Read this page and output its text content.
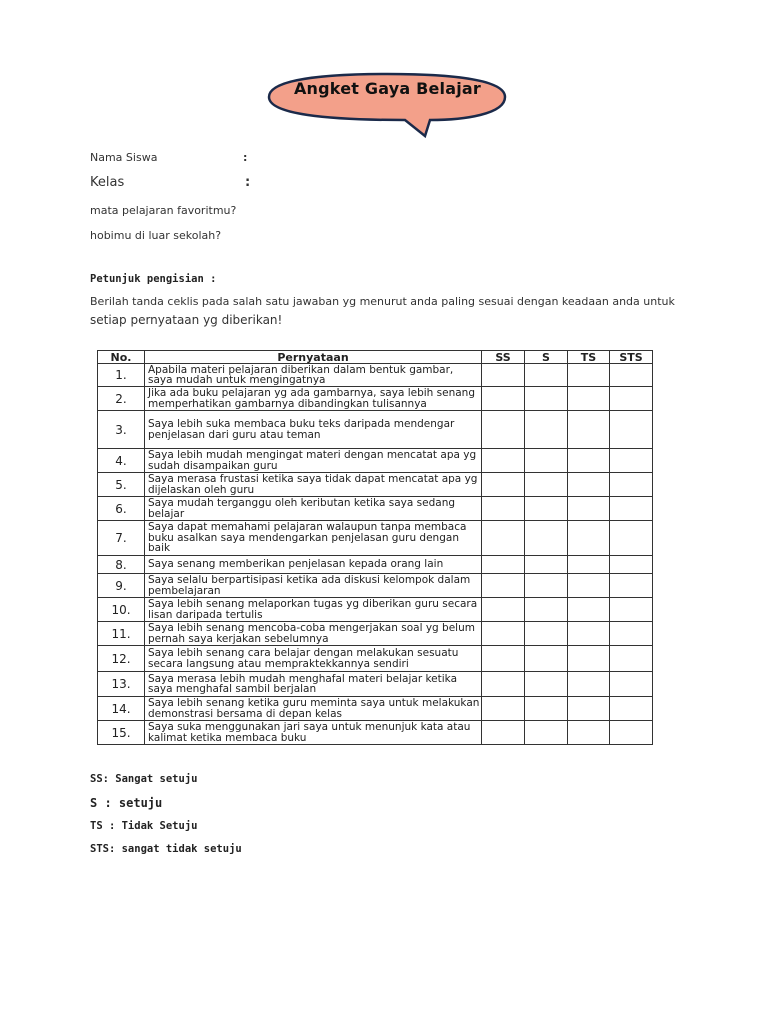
Angket Gaya Belajar
Nama Siswa	:
Kelas	:
mata pelajaran favoritmu?
hobimu di luar sekolah?
Petunjuk pengisian :
Berilah tanda ceklis pada salah satu jawaban yg menurut anda paling sesuai dengan keadaan anda untuk
setiap pernyataan yg diberikan!
No.	Pernyataan	SS	S	TS	STS
1.	Apabila materi pelajaran diberikan dalam bentuk gambar, saya mudah untuk mengingatnya				
2.	Jika ada buku pelajaran yg ada gambarnya, saya lebih senang memperhatikan gambarnya dibandingkan tulisannya				
3.	Saya lebih suka membaca buku teks daripada mendengar penjelasan dari guru atau teman				
4.	Saya lebih mudah mengingat materi dengan mencatat apa yg sudah disampaikan guru				
5.	Saya merasa frustasi ketika saya tidak dapat mencatat apa yg dijelaskan oleh guru				
6.	Saya mudah terganggu oleh keributan ketika saya sedang belajar				
7.	Saya dapat memahami pelajaran walaupun tanpa membaca buku asalkan saya mendengarkan penjelasan guru dengan baik				
8.	Saya senang memberikan penjelasan kepada orang lain				
9.	Saya selalu berpartisipasi ketika ada diskusi kelompok dalam pembelajaran				
10.	Saya lebih senang melaporkan tugas yg diberikan guru secara lisan daripada tertulis				
11.	Saya lebih senang mencoba-coba mengerjakan soal yg belum pernah saya kerjakan sebelumnya				
12.	Saya lebih senang cara belajar dengan melakukan sesuatu secara langsung atau mempraktekkannya sendiri				
13.	Saya merasa lebih mudah menghafal materi belajar ketika saya menghafal sambil berjalan				
14.	Saya lebih senang ketika guru meminta saya untuk melakukan demonstrasi bersama di depan kelas				
15.	Saya suka menggunakan jari saya untuk menunjuk kata atau kalimat ketika membaca buku				
SS: Sangat setuju
S : setuju
TS : Tidak Setuju
STS: sangat tidak setuju
